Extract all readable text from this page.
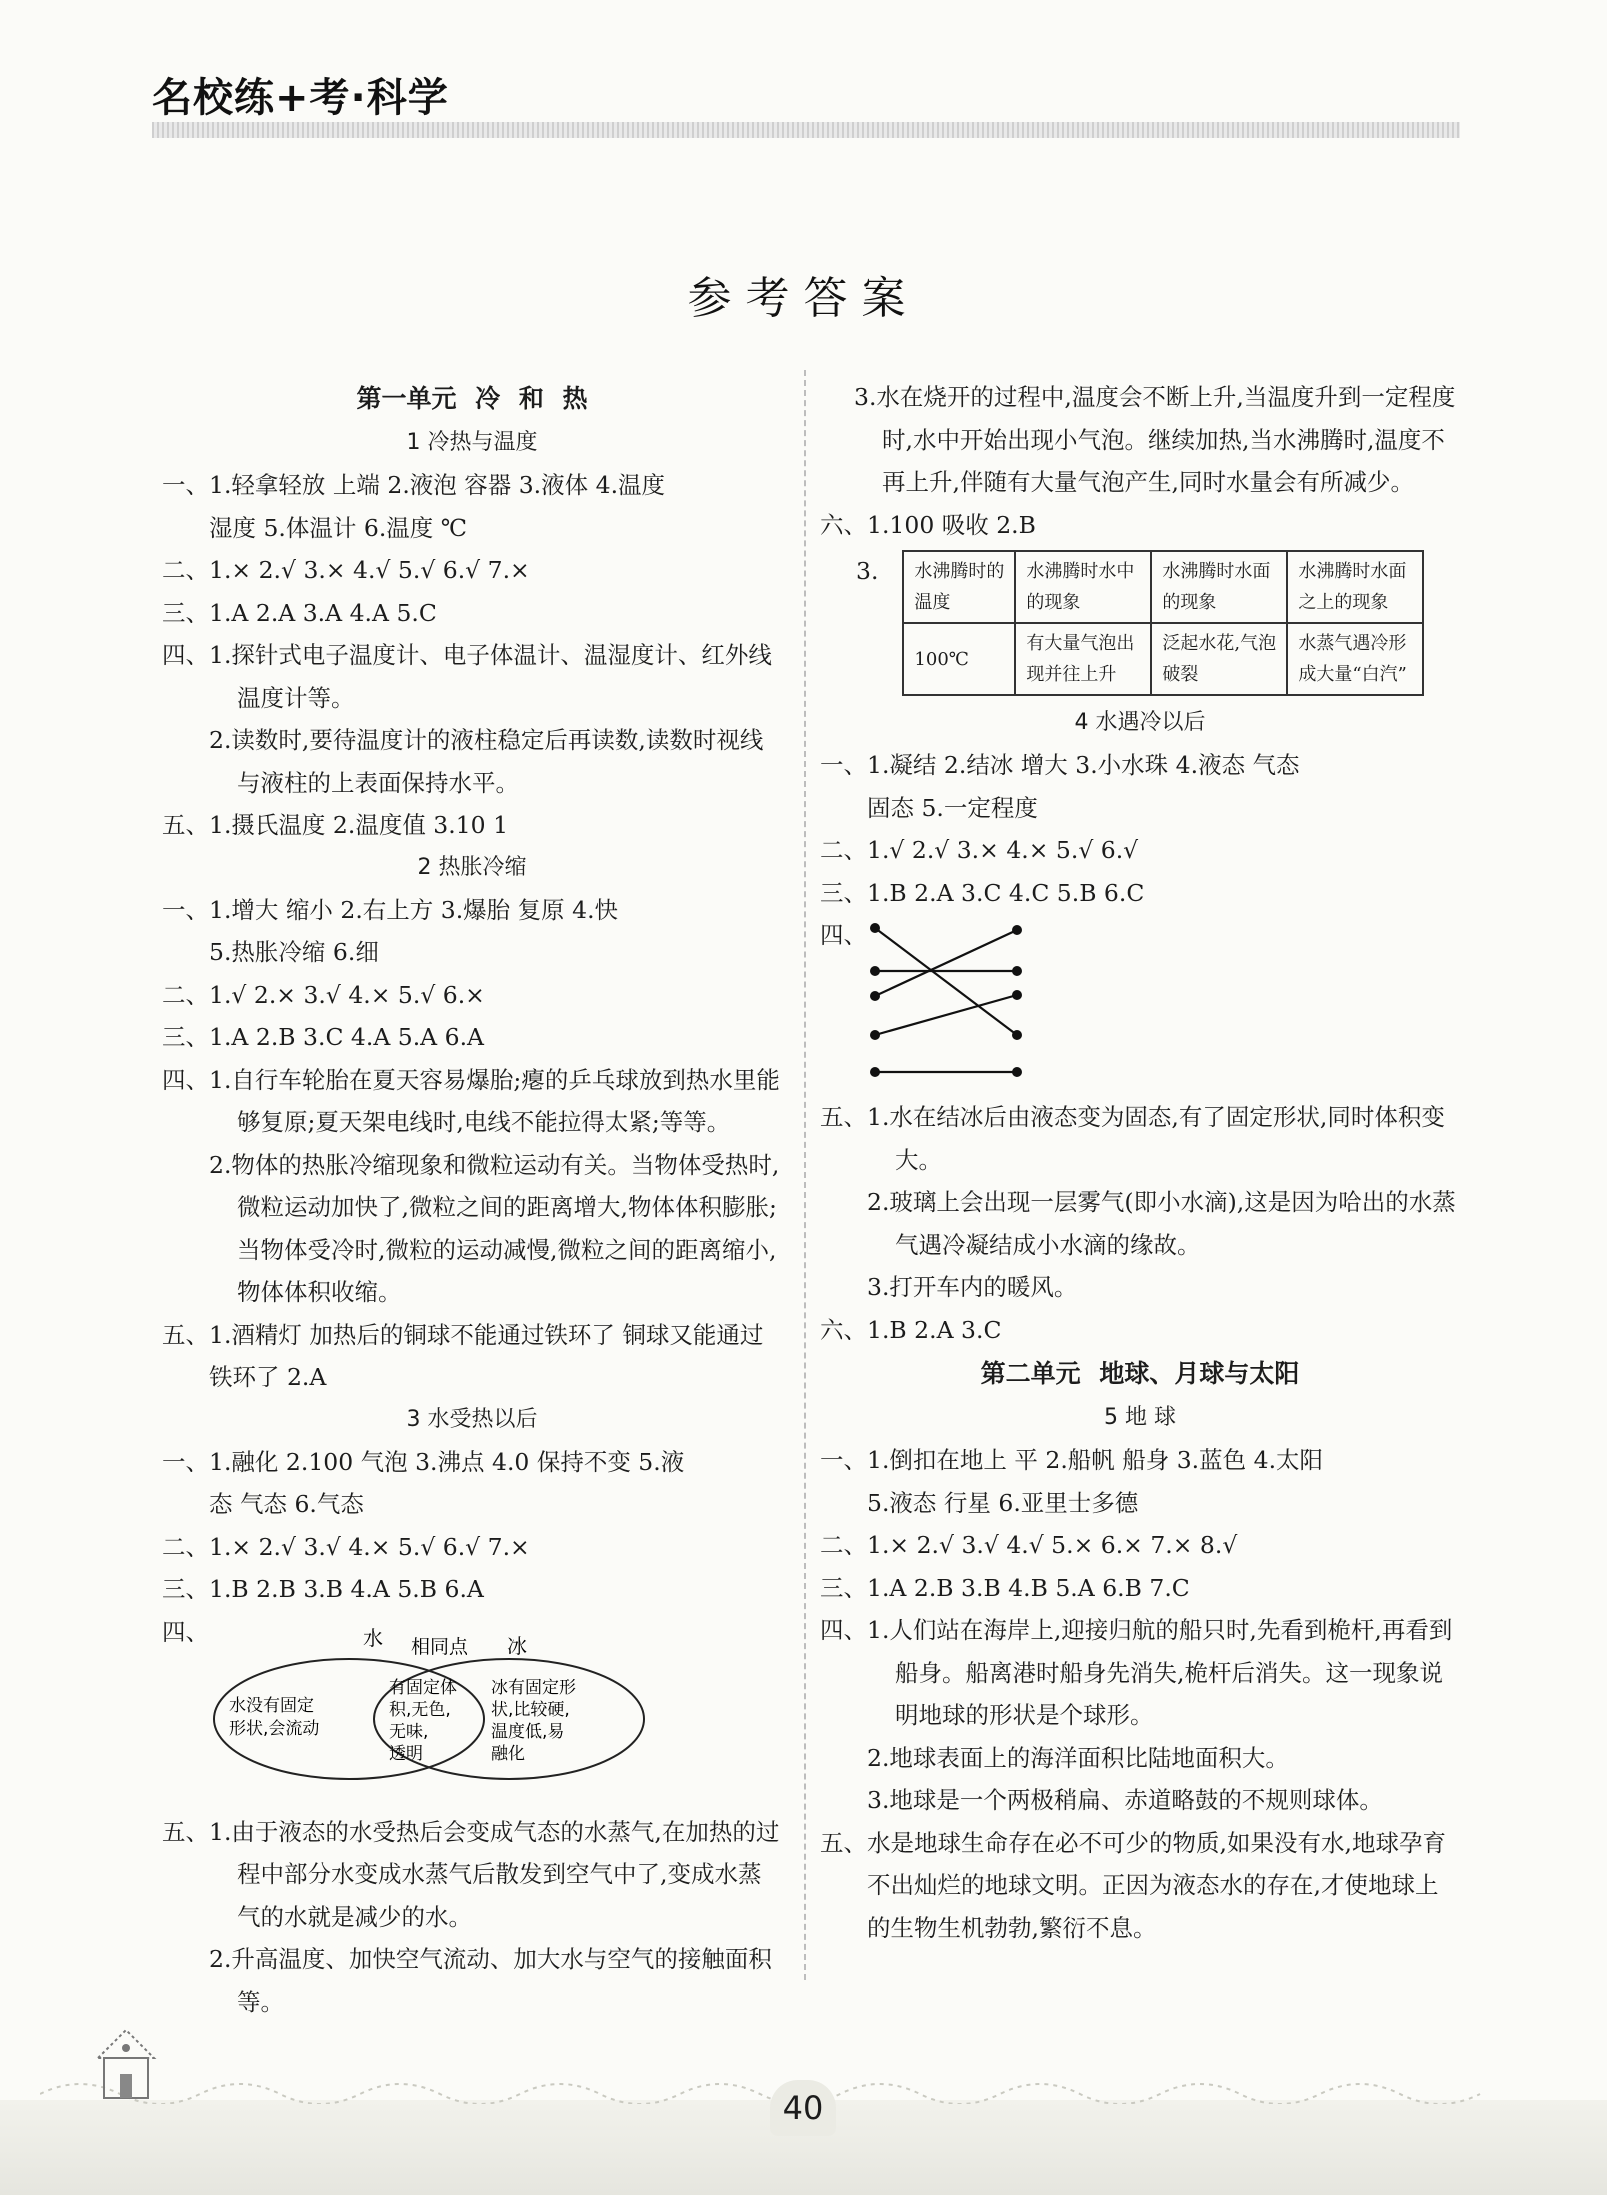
名校练+考·科学
参考答案
第一单元 冷 和 热
1 冷热与温度
一、 1.轻拿轻放 上端 2.液泡 容器 3.液体 4.温度
湿度 5.体温计 6.温度 ℃
二、 1.× 2.√ 3.× 4.√ 5.√ 6.√ 7.×
三、 1.A 2.A 3.A 4.A 5.C
四、 1.探针式电子温度计、电子体温计、温湿度计、红外线温度计等。
2.读数时,要待温度计的液柱稳定后再读数,读数时视线与液柱的上表面保持水平。
五、 1.摄氏温度 2.温度值 3.10 1
2 热胀冷缩
一、 1.增大 缩小 2.右上方 3.爆胎 复原 4.快
5.热胀冷缩 6.细
二、 1.√ 2.× 3.√ 4.× 5.√ 6.×
三、 1.A 2.B 3.C 4.A 5.A 6.A
四、 1.自行车轮胎在夏天容易爆胎;瘪的乒乓球放到热水里能够复原;夏天架电线时,电线不能拉得太紧;等等。
2.物体的热胀冷缩现象和微粒运动有关。当物体受热时,微粒运动加快了,微粒之间的距离增大,物体体积膨胀;当物体受冷时,微粒的运动减慢,微粒之间的距离缩小,物体体积收缩。
五、 1.酒精灯 加热后的铜球不能通过铁环了 铜球又能通过铁环了 2.A
3 水受热以后
一、 1.融化 2.100 气泡 3.沸点 4.0 保持不变 5.液
态 气态 6.气态
二、 1.× 2.√ 3.√ 4.× 5.√ 6.√ 7.×
三、 1.B 2.B 3.B 4.A 5.B 6.A
四、	水 相同点 冰
水没有固定
形状,会流动
有固定体
积,无色,
无味,
透明
冰有固定形
状,比较硬,
温度低,易
融化
五、 1.由于液态的水受热后会变成气态的水蒸气,在加热的过程中部分水变成水蒸气后散发到空气中了,变成水蒸气的水就是减少的水。
2.升高温度、加快空气流动、加大水与空气的接触面积等。
3.水在烧开的过程中,温度会不断上升,当温度升到一定程度时,水中开始出现小气泡。继续加热,当水沸腾时,温度不再上升,伴随有大量气泡产生,同时水量会有所减少。
六、 1.100 吸收 2.B
3. 水沸腾时的温度	水沸腾时水中的现象	水沸腾时水面的现象	水沸腾时水面之上的现象
100℃	有大量气泡出现并往上升	泛起水花,气泡破裂	水蒸气遇冷形成大量“白汽”
4 水遇冷以后
一、 1.凝结 2.结冰 增大 3.小水珠 4.液态 气态
固态 5.一定程度
二、 1.√ 2.√ 3.× 4.× 5.√ 6.√
三、 1.B 2.A 3.C 4.C 5.B 6.C
四、
五、 1.水在结冰后由液态变为固态,有了固定形状,同时体积变大。
2.玻璃上会出现一层雾气(即小水滴),这是因为哈出的水蒸气遇冷凝结成小水滴的缘故。
3.打开车内的暖风。
六、 1.B 2.A 3.C
第二单元 地球、月球与太阳
5 地 球
一、 1.倒扣在地上 平 2.船帆 船身 3.蓝色 4.太阳
5.液态 行星 6.亚里士多德
二、 1.× 2.√ 3.√ 4.√ 5.× 6.× 7.× 8.√
三、 1.A 2.B 3.B 4.B 5.A 6.B 7.C
四、 1.人们站在海岸上,迎接归航的船只时,先看到桅杆,再看到船身。船离港时船身先消失,桅杆后消失。这一现象说明地球的形状是个球形。
2.地球表面上的海洋面积比陆地面积大。
3.地球是一个两极稍扁、赤道略鼓的不规则球体。
五、 水是地球生命存在必不可少的物质,如果没有水,地球孕育不出灿烂的地球文明。正因为液态水的存在,才使地球上的生物生机勃勃,繁衍不息。
40
